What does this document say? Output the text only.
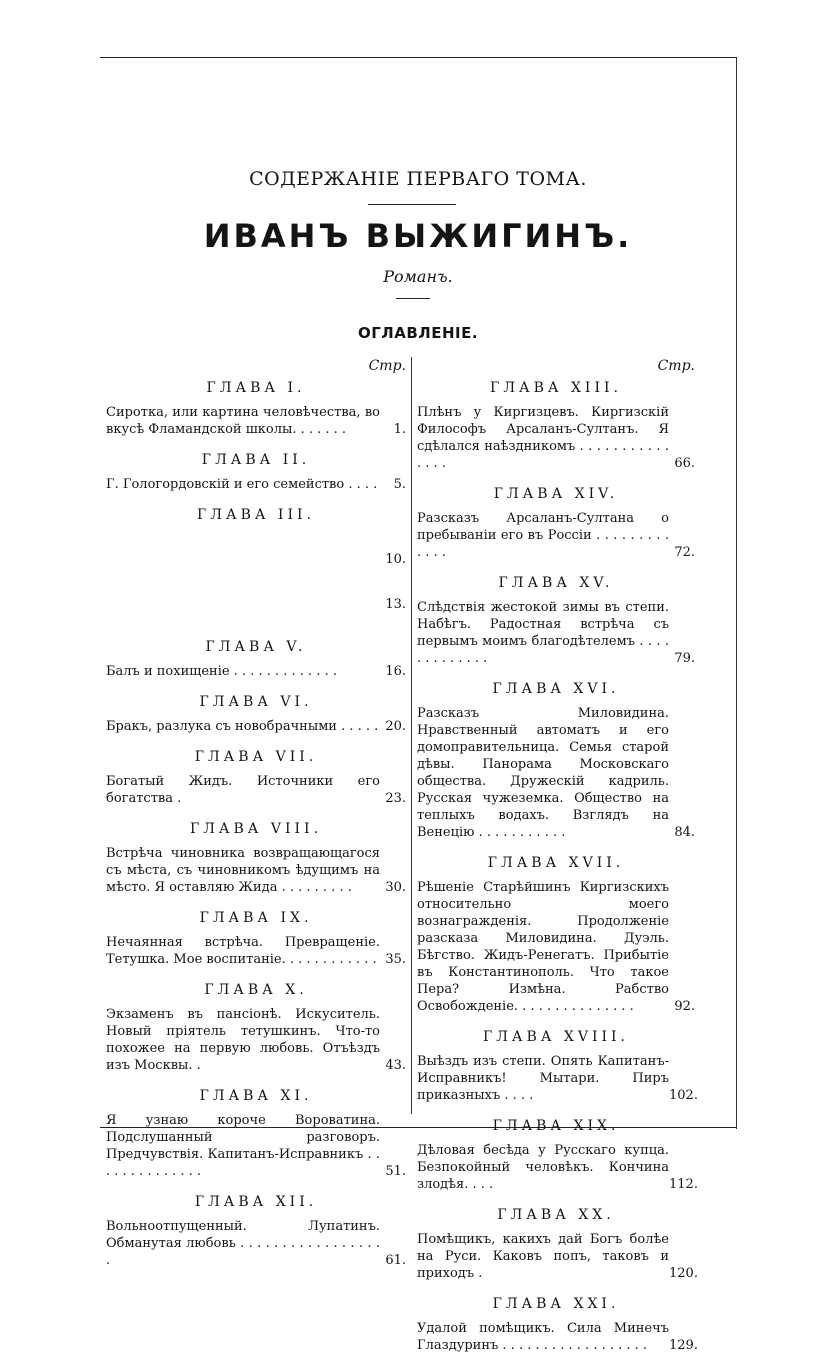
СОДЕРЖАНІЕ ПЕРВАГО ТОМА.
ИВАНЪ ВЫЖИГИНЪ.
Романъ.
ОГЛАВЛЕНІЕ.
Стр.
ГЛАВА I.
Сиротка, или картина человѣчества, во вкусѣ Фламандской школы. . . . . . .	1.
ГЛАВА II.
Г. Гологордовскій и его семейство . . . .	5.
ГЛАВА III.
10.
13.
ГЛАВА V.
Балъ и похищеніе . . . . . . . . . . . . .	16.
ГЛАВА VI.
Бракъ, разлука съ новобрачными . . . . . 20.
ГЛАВА VII.
Богатый Жидъ. Источники его богатства .	23.
ГЛАВА VIII.
Встрѣча чиновника возвращающагося съ мѣста, съ чиновникомъ ѣдущимъ на мѣсто. Я оставляю Жида . . . . . . . . .	30.
ГЛАВА IX.
Нечаянная встрѣча. Превращеніе. Тетушка. Мое воспитаніе. . . . . . . . . . . . 35.
ГЛАВА X.
Экзаменъ въ пансіонѣ. Искуситель. Новый пріятель тетушкинъ. Что-то похожее на первую любовь. Отъѣздъ изъ Москвы. .	43.
ГЛАВА XI.
Я узнаю короче Вороватина. Подслушанный разговоръ. Предчувствія. Капитанъ-Исправникъ . . . . . . . . . . . . . .	51.
ГЛАВА XII.
Вольноотпущенный. Лупатинъ. Обманутая любовь . . . . . . . . . . . . . . . . . .	61.
Стр.
ГЛАВА XIII.
Плѣнъ у Киргизцевъ. Киргизскій Философъ Арсаланъ-Султанъ. Я сдѣлался наѣздникомъ . . . . . . . . . . . . . . .	66.
ГЛАВА XIV.
Разсказъ Арсаланъ-Султана о пребываніи его въ Россіи . . . . . . . . . . . . .	72.
ГЛАВА XV.
Слѣдствія жестокой зимы въ степи. Набѣгъ. Радостная встрѣча съ первымъ моимъ благодѣтелемъ . . . . . . . . . . . . .	79.
ГЛАВА XVI.
Разсказъ Миловидина. Нравственный автоматъ и его домоправительница. Семья старой дѣвы. Панорама Московскаго общества. Дружескій кадриль. Русская чужеземка. Общество на теплыхъ водахъ. Взглядъ на Венецію . . . . . . . . . . .	84.
ГЛАВА XVII.
Рѣшеніе Старѣйшинъ Киргизскихъ относительно моего вознагражденія. Продолженіе разсказа Миловидина. Дуэль. Бѣгство. Жидъ-Ренегатъ. Прибытіе въ Константинополь. Что такое Пера? Измѣна. Рабство Освобожденіе. . . . . . . . . . . . . . .	92.
ГЛАВА XVIII.
Выѣздъ изъ степи. Опять Капитанъ-Исправникъ! Мытари. Пиръ приказныхъ . . . .	102.
ГЛАВА XIX.
Дѣловая бесѣда у Русскаго купца. Безпокойный человѣкъ. Кончина злодѣя. . . .	112.
ГЛАВА XX.
Помѣщикъ, какихъ дай Богъ болѣе на Руси. Каковъ попъ, таковъ и приходъ .	120.
ГЛАВА XXI.
Удалой помѣщикъ. Сила Минечъ Глаздуринъ . . . . . . . . . . . . . . . . . .	129.
